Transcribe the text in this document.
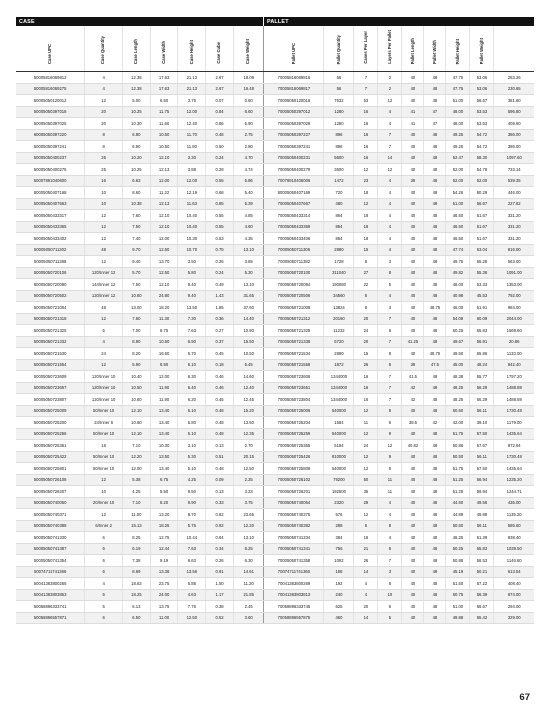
CASE						
Case UPC	Case Quantity	Case Length	Case Width	Case Height	Case Cube	Case Weight
50005816069812	4	12.38	17.63	21.13	2.67	18.09
50005816069275	4	12.38	17.63	21.13	2.67	16.48
50005050120012	12	5.00	6.50	3.75	0.07	0.60
50005050397018	20	10.25	11.75	12.00	0.84	6.60
50005050397025	20	10.30	11.60	12.40	0.86	5.90
60005050397220	8	6.80	10.50	11.70	0.48	2.75
50005050397241	8	6.90	10.50	11.80	0.50	2.80
50005050400237	25	10.20	12.10	3.30	0.24	4.70
50005050400275	25	10.25	12.13	3.88	0.28	4.74
50007891040600	16	6.63	12.00	12.00	0.55	5.86
80005050407168	10	8.60	11.22	12.19	0.68	5.40
50005050407663	10	10.38	12.13	11.63	0.85	5.39
60005050433317	12	7.60	12.10	10.40	0.55	4.85
50005050433365	12	7.50	12.10	10.40	0.55	4.60
50005050433402	12	7.40	12.00	10.30	0.53	4.35
50005050711302	48	9.70	12.50	10.70	0.75	13.10
50005050711388	12	9.40	13.70	3.50	0.26	3.85
50005050720106	120/Inner 12	5.70	12.50	5.80	0.24	5.30
60005050720090	144/Inner 12	7.50	12.10	9.40	0.49	13.10
50005050720502	120/Inner 12	10.60	24.80	9.40	1.43	31.65
50005050721004	48	13.00	18.20	13.50	1.85	37.60
50005050721318	12	7.60	11.30	7.30	0.36	14.40
50005050721325	6	7.00	8.75	7.63	0.27	10.90
50005050721332	4	8.90	10.50	6.90	0.37	15.50
50005050721530	24	8.20	16.60	5.70	0.45	10.50
50005050721554	12	5.90	8.50	6.10	0.18	5.45
50005050723609	120/Inner 10	10.40	12.00	6.30	0.46	14.60
50005050723657	120/Inner 10	10.50	11.90	6.40	0.46	12.40
50005050723807	120/Inner 10	10.60	11.90	6.20	0.45	12.45
50005050725009	50/Inner 10	12.10	13.40	5.10	0.48	15.20
50005050725200	24/Inner 6	10.60	13.40	5.80	0.48	13.60
50005050725256	50/Inner 10	12.10	13.40	5.10	0.48	12.35
50005050725361	18	7.10	10.30	3.10	0.13	2.70
50005050725422	50/Inner 10	12.20	13.50	5.30	0.51	20.15
50005050725801	50/Inner 10	12.00	13.40	5.10	0.48	12.50
50005050726108	12	5.38	6.75	4.25	0.09	2.25
50005050726207	10	4.25	5.50	9.50	0.13	3.23
50005050740050	20/Inner 10	7.10	8.20	9.90	0.33	3.75
50005050740371	12	11.00	13.20	9.70	0.82	23.65
50005050740388	6/Inner 2	15.13	18.25	5.75	0.92	12.20
50005050741330	6	8.25	12.75	10.44	0.64	13.10
50005050741387	6	6.19	12.44	7.63	0.34	8.25
50005050741354	6	7.38	9.19	6.63	0.26	6.30
50074711741366	6	8.69	13.38	13.56	0.91	14.61
50041383800265	4	18.63	23.75	5.88	1.50	11.20
50041383803853	6	18.25	24.00	4.63	1.17	21.85
50058896333741	5	6.13	13.75	7.75	0.38	2.45
50058896557871	6	6.50	11.00	12.50	0.52	3.60
PALLET								
Pallet UPC	Pallet Quantity	Cases Per Layer	Layers Per Pallet	Pallet Length	Pallet Width	Pallet Height	Pallet Weight	
70005816069816	56	7	2	40	48	47.75	53.06	253.26
70005816069817	56	7	2	40	48	47.75	53.06	230.65
70005050120016	7632	53	12	40	48	51.00	56.67	381.60
70005050397012	1280	16	4	41	47	48.00	53.53	596.80
70005050397029	1280	16	4	41	47	48.00	53.53	409.60
70005050397227	896	16	7	40	48	49.25	54.72	386.00
70005050397241	896	16	7	40	48	49.25	54.72	386.00
70005050400231	5600	16	14	40	48	52.47	58.30	1097.60
70005050400279	3600	12	12	40	48	52.00	54.78	733.14
70078910406006	1472	23	4	39	48	52.00	52.00	539.35
80005050407169	720	18	4	40	48	54.26	60.29	446.00
70005050407667	480	12	4	40	48	51.00	56.67	227.62
70005050433314	864	18	4	40	48	46.50	51.67	331.20
70005050433369	864	18	4	40	48	46.50	51.67	331.20
70005050433406	864	18	4	40	48	46.50	51.67	331.20
70005050711306	2880	15	4	40	48	47.74	53.04	816.00
70005050711382	1728	6	3	40	48	49.75	55.28	563.00
70005050720100	311040	27	8	40	48	49.82	55.36	1091.00
70005050720094	190080	22	5	40	48	48.00	53.33	1353.00
70005050720506	34560	6	4	40	48	40.98	45.53	792.00
70005050721008	13824	8	3	40	48.75	46.00	51.91	984.00
70005050721312	20160	20	7	40	48	54.08	60.09	2044.00
70005050721329	11232	24	6	40	48	50.25	55.83	1569.60
70005050721336	6720	20	7	41.25	48	49.67	56.91	20.86
70005050721534	2880	15	8	40	48.75	49.50	55.86	1133.00
70005050721558	1872	26	6	39	47.5	45.00	48.24	842.40
70005050723606	1344000	16	7	41.5	48	48.38	55.77	1797.20
70005050723651	1344000	16	7	42	48	48.25	56.29	1488.88
70005050723804	1344000	16	7	42	48	48.25	56.29	1488.88
70005050725006	540000	12	9	40	48	50.50	56.11	1730.48
70005050725204	1584	11	6	38.5	42	42.00	39.10	1179.00
70005050725259	540000	12	9	40	48	51.75	57.50	1435.64
70005050725365	5184	24	12	40.82	48	50.86	57.67	872.64
70005050725426	810000	12	9	40	48	50.50	56.11	1730.48
70005050725808	540000	12	9	40	48	51.75	57.50	1435.64
70005050726102	79200	50	11	40	48	51.25	56.94	1235.20
70005050726201	192500	35	11	40	48	51.25	59.94	1244.71
70005050740054	2320	29	4	40	48	44.60	49.56	435.00
70005050740375	576	12	4	40	48	44.89	49.88	1135.20
70005050740382	288	6	8	40	48	50.50	56.11	585.60
70005050741334	384	16	4	40	48	46.25	51.39	838.40
70005050741341	756	21	6	40	48	50.25	55.83	1039.50
70005050741358	1092	26	7	40	48	50.88	56.53	1146.60
70074711741360	168	14	3	40	48	45.19	50.21	613.54
70041383800269	192	4	8	40	48	51.50	57.22	408.40
70041383803813	240	4	10	40	48	50.75	56.39	874.00
70058896333745	625	20	6	40	48	51.00	56.67	294.00
70058896557875	460	14	5	40	48	49.88	55.42	329.00
67
